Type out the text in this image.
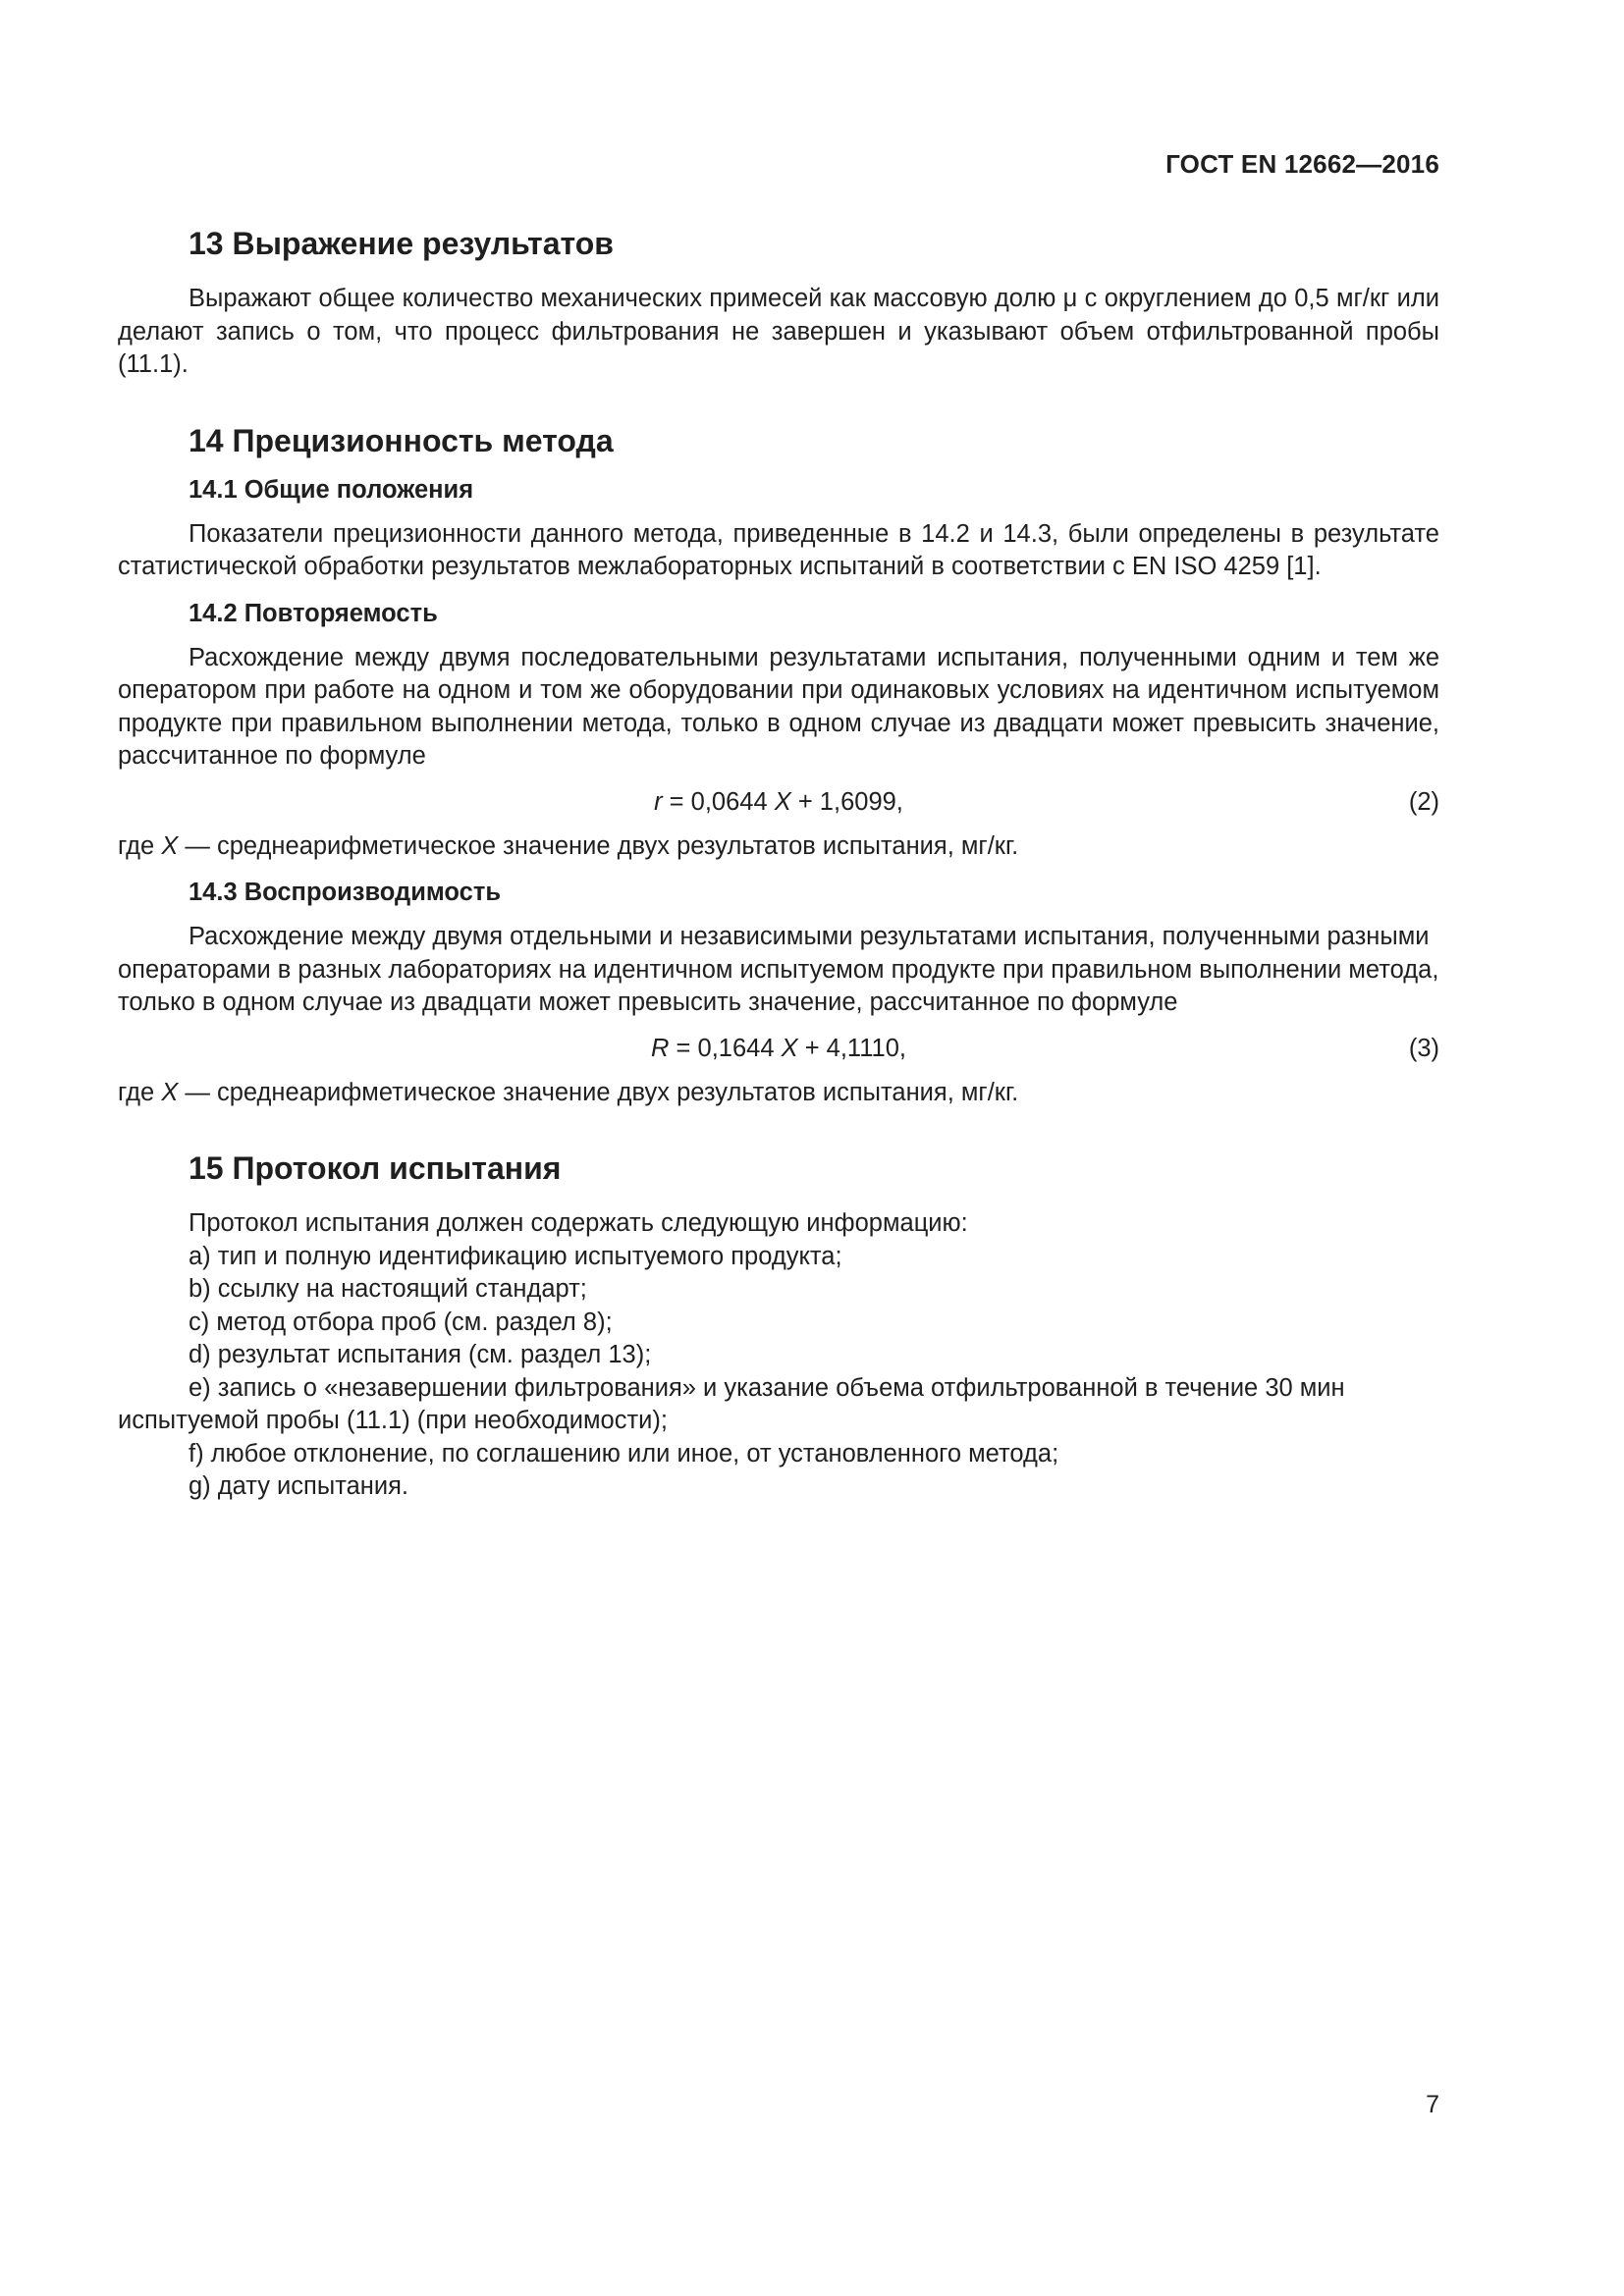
ГОСТ EN 12662—2016
13 Выражение результатов

Выражают общее количество механических примесей как массовую долю μ с округлением до 0,5 мг/кг или делают запись о том, что процесс фильтрования не завершен и указывают объем отфильтрованной пробы (11.1).

14 Прецизионность метода
14.1 Общие положения

Показатели прецизионности данного метода, приведенные в 14.2 и 14.3, были определены в результате статистической обработки результатов межлабораторных испытаний в соответствии с EN ISO 4259 [1].

14.2 Повторяемость

Расхождение между двумя последовательными результатами испытания, полученными одним и тем же оператором при работе на одном и том же оборудовании при одинаковых условиях на идентичном испытуемом продукте при правильном выполнении метода, только в одном случае из двадцати может превысить значение, рассчитанное по формуле

r = 0,0644 X + 1,6099,	(2)

где X — среднеарифметическое значение двух результатов испытания, мг/кг.

14.3 Воспроизводимость

Расхождение между двумя отдельными и независимыми результатами испытания, полученными разными операторами в разных лабораториях на идентичном испытуемом продукте при правильном выполнении метода, только в одном случае из двадцати может превысить значение, рассчитанное по формуле

R = 0,1644 X + 4,1110,	(3)

где X — среднеарифметическое значение двух результатов испытания, мг/кг.

15 Протокол испытания

Протокол испытания должен содержать следующую информацию:

a) тип и полную идентификацию испытуемого продукта;

b) ссылку на настоящий стандарт;

c) метод отбора проб (см. раздел 8);

d) результат испытания (см. раздел 13);

e) запись о «незавершении фильтрования» и указание объема отфильтрованной в течение 30 мин испытуемой пробы (11.1) (при необходимости);

f) любое отклонение, по соглашению или иное, от установленного метода;

g) дату испытания.

7
